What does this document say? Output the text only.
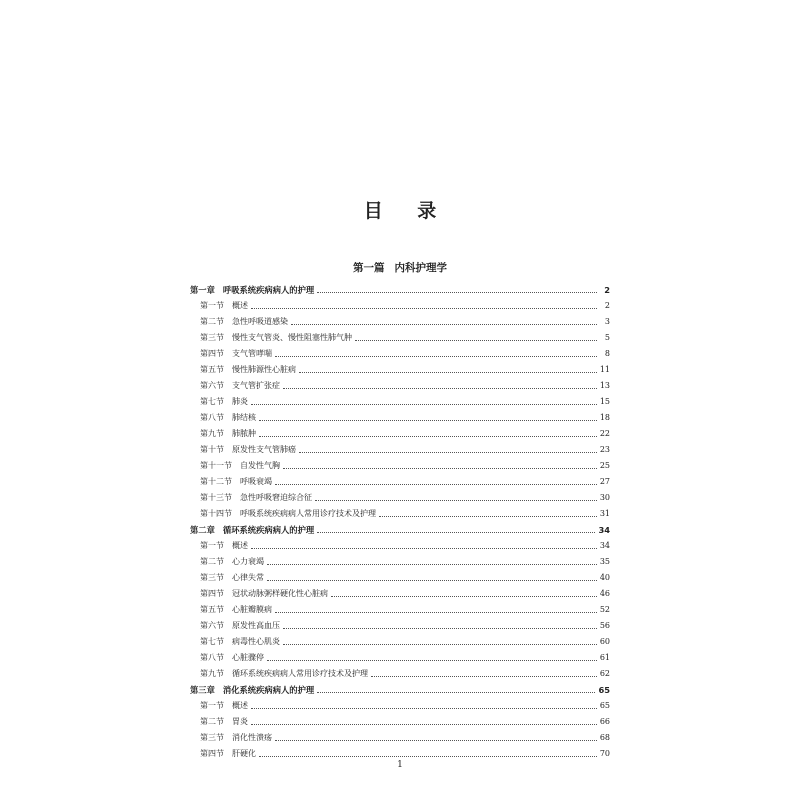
目 录
第一篇 内科护理学
第一章 呼吸系统疾病病人的护理	2
第一节 概述	2
第二节 急性呼吸道感染	3
第三节 慢性支气管炎、慢性阻塞性肺气肿	5
第四节 支气管哮喘	8
第五节 慢性肺源性心脏病	11
第六节 支气管扩张症	13
第七节 肺炎	15
第八节 肺结核	18
第九节 肺脓肿	22
第十节 原发性支气管肺癌	23
第十一节 自发性气胸	25
第十二节 呼吸衰竭	27
第十三节 急性呼吸窘迫综合征	30
第十四节 呼吸系统疾病病人常用诊疗技术及护理	31
第二章 循环系统疾病病人的护理	34
第一节 概述	34
第二节 心力衰竭	35
第三节 心律失常	40
第四节 冠状动脉粥样硬化性心脏病	46
第五节 心脏瓣膜病	52
第六节 原发性高血压	56
第七节 病毒性心肌炎	60
第八节 心脏骤停	61
第九节 循环系统疾病病人常用诊疗技术及护理	62
第三章 消化系统疾病病人的护理	65
第一节 概述	65
第二节 胃炎	66
第三节 消化性溃疡	68
第四节 肝硬化	70
1
